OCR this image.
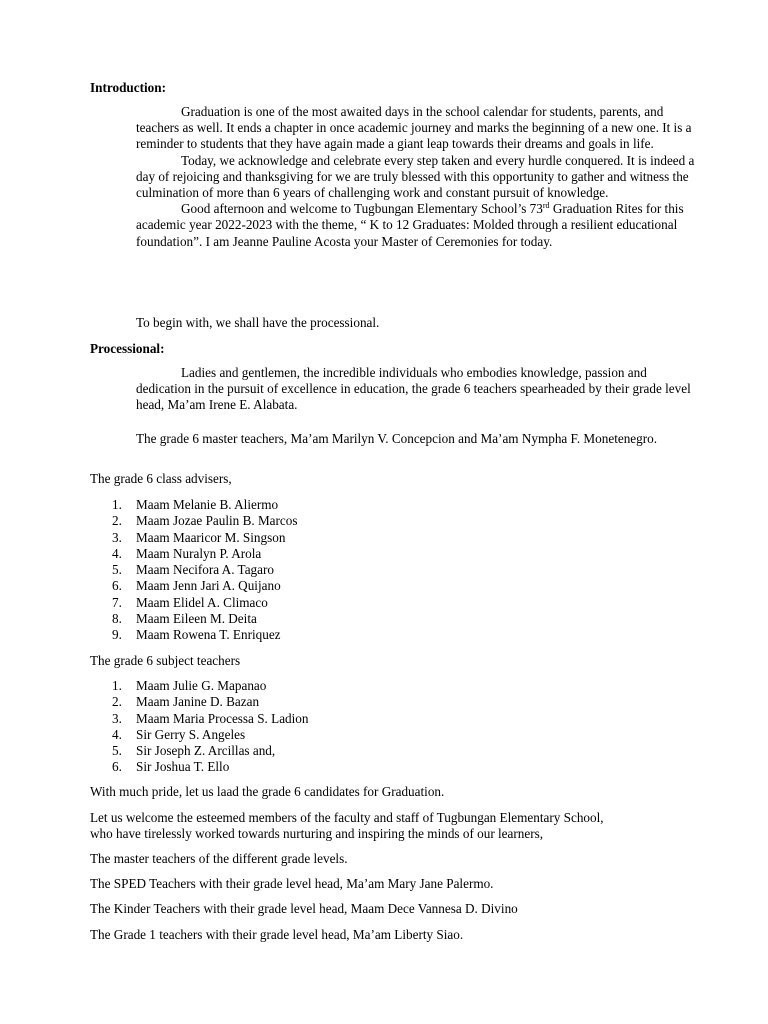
Introduction:

Graduation is one of the most awaited days in the school calendar for students, parents, and teachers as well. It ends a chapter in once academic journey and marks the beginning of a new one. It is a reminder to students that they have again made a giant leap towards their dreams and goals in life.

Today, we acknowledge and celebrate every step taken and every hurdle conquered. It is indeed a day of rejoicing and thanksgiving for we are truly blessed with this opportunity to gather and witness the culmination of more than 6 years of challenging work and constant pursuit of knowledge.

Good afternoon and welcome to Tugbungan Elementary School’s 73rd Graduation Rites for this academic year 2022-2023 with the theme, “ K to 12 Graduates: Molded through a resilient educational foundation”. I am Jeanne Pauline Acosta your Master of Ceremonies for today.

To begin with, we shall have the processional.
Processional:

Ladies and gentlemen, the incredible individuals who embodies knowledge, passion and dedication in the pursuit of excellence in education, the grade 6 teachers spearheaded by their grade level head, Ma’am Irene E. Alabata.

The grade 6 master teachers, Ma’am Marilyn V. Concepcion and Ma’am Nympha F. Monetenegro.
The grade 6 class advisers,
1.	Maam Melanie B. Aliermo
2.	Maam Jozae Paulin B. Marcos
3.	Maam Maaricor M. Singson
4.	Maam Nuralyn P. Arola
5.	Maam Necifora A. Tagaro
6.	Maam Jenn Jari A. Quijano
7.	Maam Elidel A. Climaco
8.	Maam Eileen M. Deita
9.	Maam Rowena T. Enriquez
The grade 6 subject teachers
1.	Maam Julie G. Mapanao
2.	Maam Janine D. Bazan
3.	Maam Maria Processa S. Ladion
4.	Sir Gerry S. Angeles
5.	Sir Joseph Z. Arcillas and,
6.	Sir Joshua T. Ello
With much pride, let us laad the grade 6 candidates for Graduation.

Let us welcome the esteemed members of the faculty and staff of Tugbungan Elementary School,

who have tirelessly worked towards nurturing and inspiring the minds of our learners,

The master teachers of the different grade levels.
The SPED Teachers with their grade level head, Ma’am Mary Jane Palermo.
The Kinder Teachers with their grade level head, Maam Dece Vannesa D. Divino
The Grade 1 teachers with their grade level head, Ma’am Liberty Siao.
